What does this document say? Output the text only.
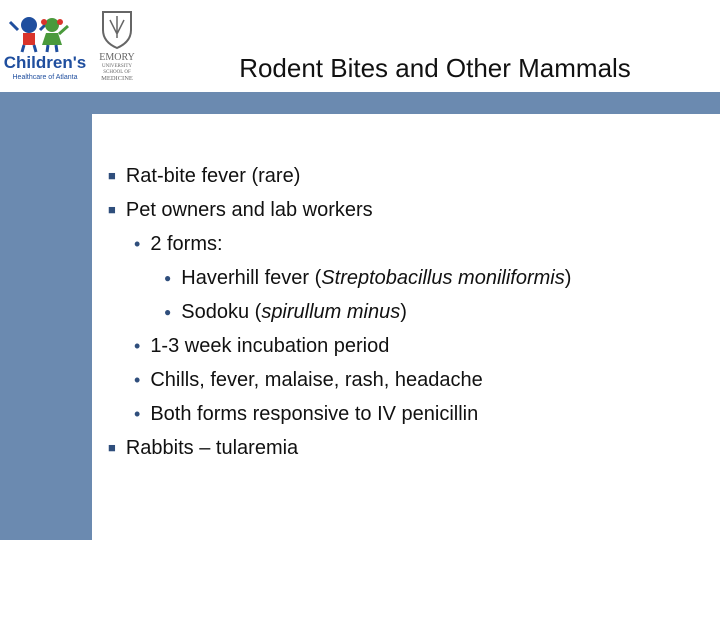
Children's
Healthcare of Atlanta
EMORY
UNIVERSITY
SCHOOL OF
MEDICINE	Rodent Bites and Other Mammals
52
■ Rat-bite fever (rare)
■ Pet owners and lab workers
• 2 forms:
● Haverhill fever (Streptobacillus moniliformis)
● Sodoku (spirullum minus)
• 1-3 week incubation period
• Chills, fever, malaise, rash, headache
• Both forms responsive to IV penicillin
■ Rabbits – tularemia
